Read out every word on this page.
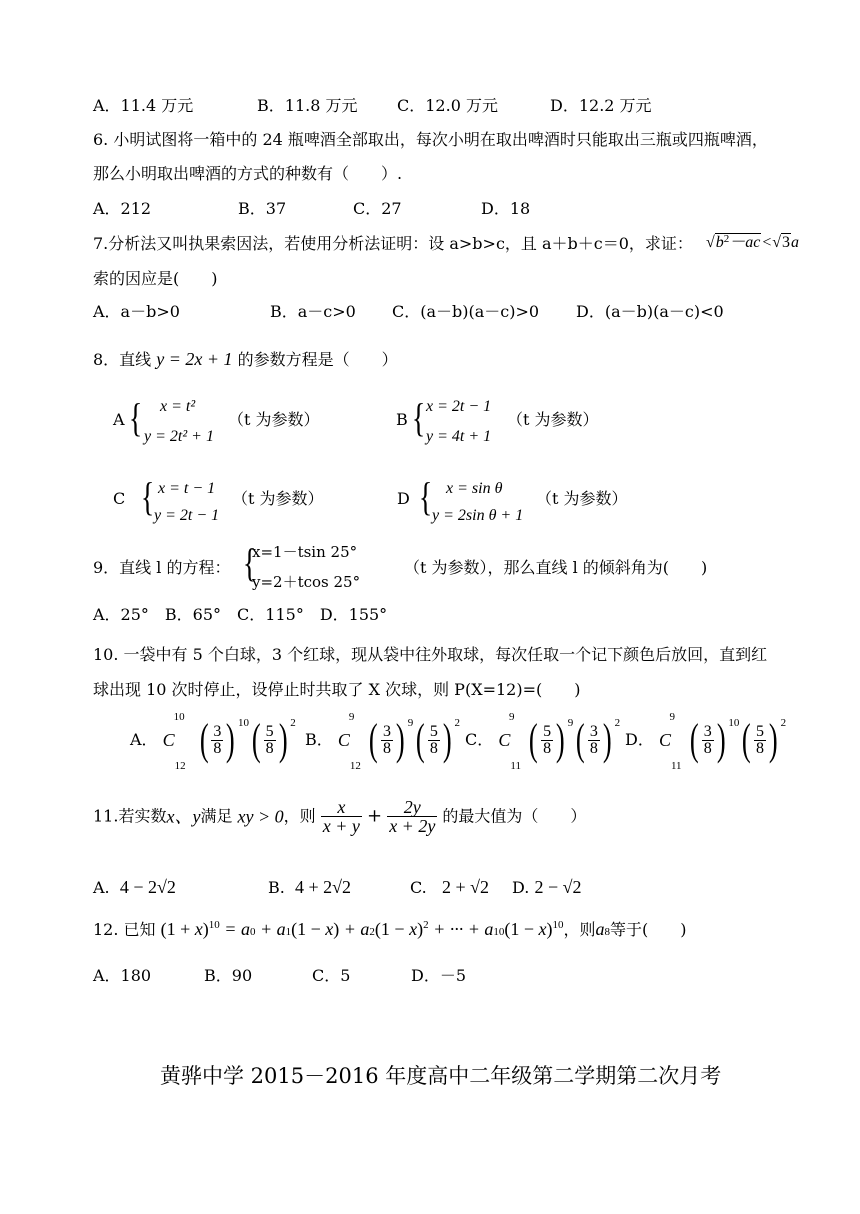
A．11.4 万元	B．11.8 万元 C．12.0 万元	D．12.2 万元
6. 小明试图将一箱中的 24 瓶啤酒全部取出，每次小明在取出啤酒时只能取出三瓶或四瓶啤酒，
那么小明取出啤酒的方式的种数有（　　）.
A．212	B．37	C．27	D．18
7.分析法又叫执果索因法，若使用分析法证明：设 a>b>c，且 a＋b＋c＝0，求证： $√b^2-ac<√3a$
索的因应是(　　)
A．a－b>0	B．a－c>0 C．(a－b)(a－c)>0 D．(a－b)(a－c)<0
8．直线 y = 2x + 1 的参数方程是（　　）
A { x = t²
y = 2t² + 1
（t 为参数）	B { x = 2t − 1
y = 4t + 1
（t 为参数）
C { x = t − 1
y = 2t − 1
（t 为参数）	D { x = sin θ
y = 2sin θ + 1
（t 为参数）
9．直线 l 的方程： {
x=1－tsin 25°
y=2＋tcos 25°
（t 为参数），那么直线 l 的倾斜角为(　　)
A．25°　B．65°　C．115°　D．155°
10. 一袋中有 5 个白球，3 个红球，现从袋中往外取球，每次任取一个记下颜色后放回，直到红
球出现 10 次时停止，设停止时共取了 X 次球，则 P(X=12)=(　　)
A． $C_{12}^{10}$ ( $\frac{3}{8}$ ) $^{10}( \frac{5}{8}$ ) $^2$
B． $C_{12}^9$ ( $\frac{3}{8}$ ) $^9( \frac{5}{8}$ ) $^2$
C． $C_{11}^9$ ( $\frac{5}{8}$ ) $^9( \frac{3}{8}$ ) $^2$
D． $C_{11}^9$ ( $\frac{3}{8}$ ) $^{10}( \frac{5}{8}$ ) $^2$
11.若实数x、y满足 xy > 0，则 $\frac{x}{x + y} + \frac{2y}{x + 2y}$ 的最大值为（　　）
A. 4 − 2√2	B. 4 + 2√2	C. 2 + √2 D. 2 − √2
12. 已知 $(1 + x)^{10} = a0 + a1(1 - x) + a2(1 - x)^2$ + ··· + $a10(1 - x)^{10}$，则a8等于(　　)
A．180	B．90	C．5	D．－5
黄骅中学 2015－2016 年度高中二年级第二学期第二次月考
